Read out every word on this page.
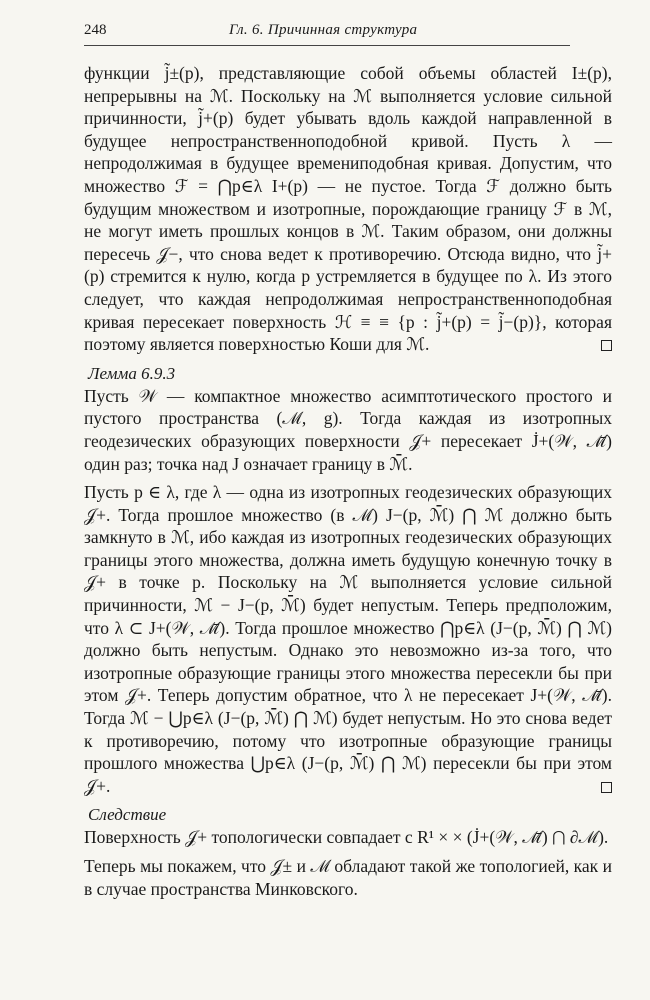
248	Гл. 6. Причинная структура

функции j̃±(p), представляющие собой объемы областей I±(p), непрерывны на ℳ. Поскольку на ℳ выполняется условие сильной причинности, j̃+(p) будет убывать вдоль каждой направленной в будущее непространственноподобной кривой. Пусть λ — непродолжимая в будущее времениподобная кривая. Допустим, что множество ℱ = ⋂p∈λ I+(p) — не пустое. Тогда ℱ должно быть будущим множеством и изотропные, порождающие границу ℱ в ℳ, не могут иметь прошлых концов в ℳ. Таким образом, они должны пересечь 𝒥−, что снова ведет к противоречию. Отсюда видно, что j̃+(p) стремится к нулю, когда p устремляется в будущее по λ. Из этого следует, что каждая непродолжимая непространственноподобная кривая пересекает поверхность ℋ ≡ ≡ {p : j̃+(p) = j̃−(p)}, которая поэтому является поверхностью Коши для ℳ.

Лемма 6.9.3

Пусть 𝒲 — компактное множество асимптотического простого и пустого пространства (ℳ, g). Тогда каждая из изотропных геодезических образующих поверхности 𝒥+ пересекает J̇+(𝒲, ℳ̄) один раз; точка над J означает границу в ℳ̄.

Пусть p ∈ λ, где λ — одна из изотропных геодезических образующих 𝒥+. Тогда прошлое множество (в ℳ) J−(p, ℳ̄) ⋂ ℳ должно быть замкнуто в ℳ, ибо каждая из изотропных геодезических образующих границы этого множества, должна иметь будущую конечную точку в 𝒥+ в точке p. Поскольку на ℳ выполняется условие сильной причинности, ℳ − J−(p, ℳ̄) будет непустым. Теперь предположим, что λ ⊂ J+(𝒲, ℳ̄). Тогда прошлое множество ⋂p∈λ (J−(p, ℳ̄) ⋂ ℳ) должно быть непустым. Однако это невозможно из-за того, что изотропные образующие границы этого множества пересекли бы при этом 𝒥+. Теперь допустим обратное, что λ не пересекает J+(𝒲, ℳ̄). Тогда ℳ − ⋃p∈λ (J−(p, ℳ̄) ⋂ ℳ) будет непустым. Но это снова ведет к противоречию, потому что изотропные образующие границы прошлого множества ⋃p∈λ (J−(p, ℳ̄) ⋂ ℳ) пересекли бы при этом 𝒥+.

Следствие

Поверхность 𝒥+ топологически совпадает с R¹ × × (J̇+(𝒲, ℳ̄) ⋂ ∂ℳ).

Теперь мы покажем, что 𝒥± и ℳ обладают такой же топологией, как и в случае пространства Минковского.
